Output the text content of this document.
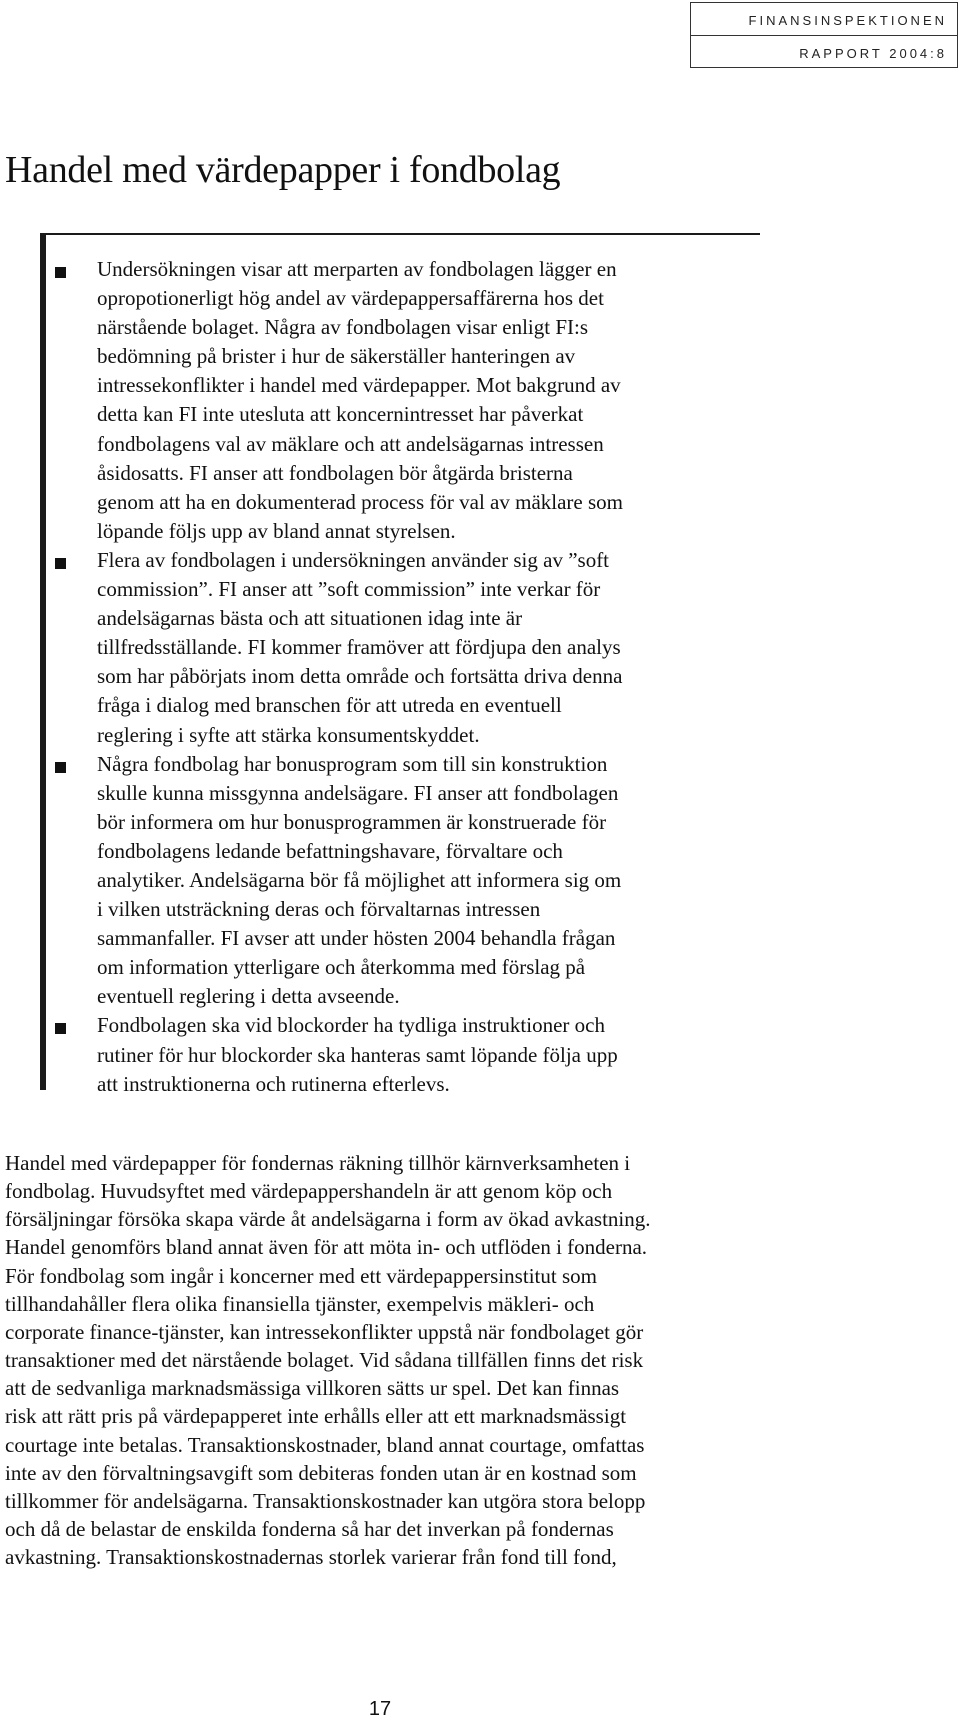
FINANSINSPEKTIONEN
RAPPORT 2004:8
Handel med värdepapper i fondbolag
Undersökningen visar att merparten av fondbolagen lägger en
opropotionerligt hög andel av värdepappersaffärerna hos det
närstående bolaget. Några av fondbolagen visar enligt FI:s
bedömning på brister i hur de säkerställer hanteringen av
intressekonflikter i handel med värdepapper. Mot bakgrund av
detta kan FI inte utesluta att koncernintresset har påverkat
fondbolagens val av mäklare och att andelsägarnas intressen
åsidosatts. FI anser att fondbolagen bör åtgärda bristerna
genom att ha en dokumenterad process för val av mäklare som
löpande följs upp av bland annat styrelsen.
Flera av fondbolagen i undersökningen använder sig av ”soft
commission”. FI anser att ”soft commission” inte verkar för
andelsägarnas bästa och att situationen idag inte är
tillfredsställande. FI kommer framöver att fördjupa den analys
som har påbörjats inom detta område och fortsätta driva denna
fråga i dialog med branschen för att utreda en eventuell
reglering i syfte att stärka konsumentskyddet.
Några fondbolag har bonusprogram som till sin konstruktion
skulle kunna missgynna andelsägare. FI anser att fondbolagen
bör informera om hur bonusprogrammen är konstruerade för
fondbolagens ledande befattningshavare, förvaltare och
analytiker. Andelsägarna bör få möjlighet att informera sig om
i vilken utsträckning deras och förvaltarnas intressen
sammanfaller. FI avser att under hösten 2004 behandla frågan
om information ytterligare och återkomma med förslag på
eventuell reglering i detta avseende.
Fondbolagen ska vid blockorder ha tydliga instruktioner och
rutiner för hur blockorder ska hanteras samt löpande följa upp
att instruktionerna och rutinerna efterlevs.
Handel med värdepapper för fondernas räkning tillhör kärnverksamheten i
fondbolag. Huvudsyftet med värdepappershandeln är att genom köp och
försäljningar försöka skapa värde åt andelsägarna i form av ökad avkastning.
Handel genomförs bland annat även för att möta in- och utflöden i fonderna.
För fondbolag som ingår i koncerner med ett värdepappersinstitut som
tillhandahåller flera olika finansiella tjänster, exempelvis mäkleri- och
corporate finance-tjänster, kan intressekonflikter uppstå när fondbolaget gör
transaktioner med det närstående bolaget. Vid sådana tillfällen finns det risk
att de sedvanliga marknadsmässiga villkoren sätts ur spel. Det kan finnas
risk att rätt pris på värdepapperet inte erhålls eller att ett marknadsmässigt
courtage inte betalas. Transaktionskostnader, bland annat courtage, omfattas
inte av den förvaltningsavgift som debiteras fonden utan är en kostnad som
tillkommer för andelsägarna. Transaktionskostnader kan utgöra stora belopp
och då de belastar de enskilda fonderna så har det inverkan på fondernas
avkastning. Transaktionskostnadernas storlek varierar från fond till fond,
17
